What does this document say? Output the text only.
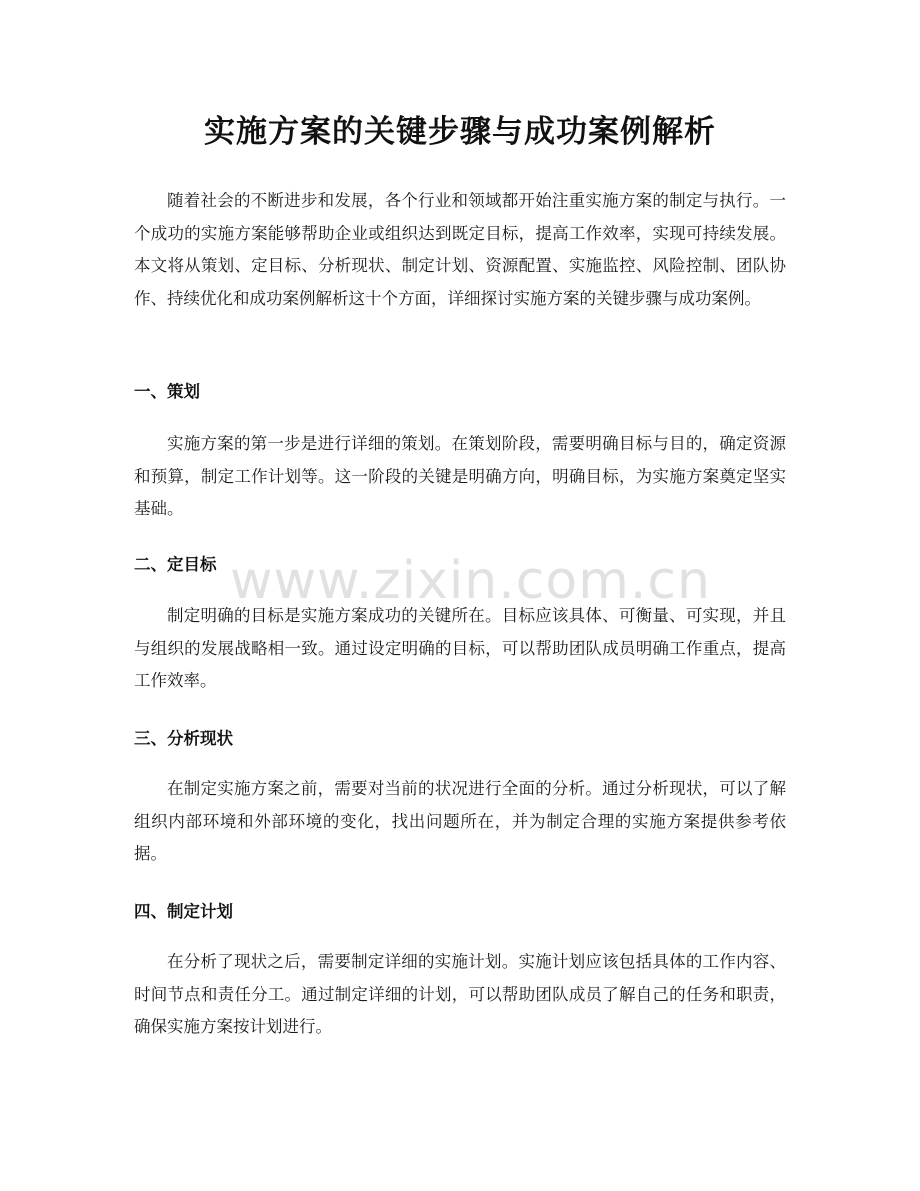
实施方案的关键步骤与成功案例解析

随着社会的不断进步和发展，各个行业和领域都开始注重实施方案的制定与执行。一个成功的实施方案能够帮助企业或组织达到既定目标，提高工作效率，实现可持续发展。本文将从策划、定目标、分析现状、制定计划、资源配置、实施监控、风险控制、团队协作、持续优化和成功案例解析这十个方面，详细探讨实施方案的关键步骤与成功案例。

一、策划

实施方案的第一步是进行详细的策划。在策划阶段，需要明确目标与目的，确定资源和预算，制定工作计划等。这一阶段的关键是明确方向，明确目标，为实施方案奠定坚实基础。

二、定目标

制定明确的目标是实施方案成功的关键所在。目标应该具体、可衡量、可实现，并且与组织的发展战略相一致。通过设定明确的目标，可以帮助团队成员明确工作重点，提高工作效率。

三、分析现状

在制定实施方案之前，需要对当前的状况进行全面的分析。通过分析现状，可以了解组织内部环境和外部环境的变化，找出问题所在，并为制定合理的实施方案提供参考依据。

四、制定计划

在分析了现状之后，需要制定详细的实施计划。实施计划应该包括具体的工作内容、时间节点和责任分工。通过制定详细的计划，可以帮助团队成员了解自己的任务和职责，确保实施方案按计划进行。

www.zixin.com.cn
